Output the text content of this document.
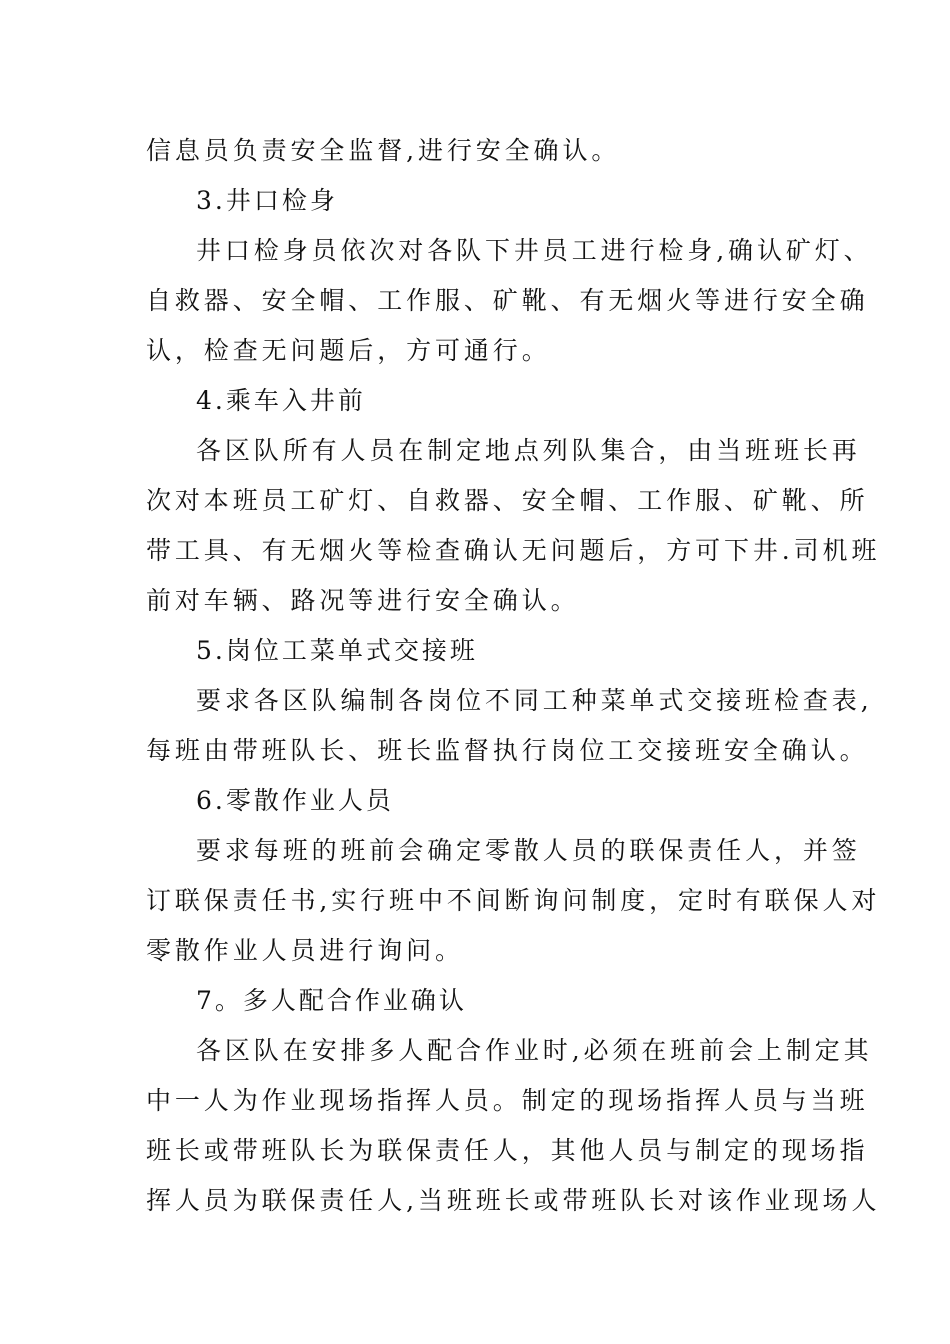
信息员负责安全监督,进行安全确认。
3.井口检身
井口检身员依次对各队下井员工进行检身,确认矿灯、
自救器、安全帽、工作服、矿靴、有无烟火等进行安全确
认，检查无问题后，方可通行。
4.乘车入井前
各区队所有人员在制定地点列队集合，由当班班长再
次对本班员工矿灯、自救器、安全帽、工作服、矿靴、所
带工具、有无烟火等检查确认无问题后，方可下井.司机班
前对车辆、路况等进行安全确认。
5.岗位工菜单式交接班
要求各区队编制各岗位不同工种菜单式交接班检查表,
每班由带班队长、班长监督执行岗位工交接班安全确认。
6.零散作业人员
要求每班的班前会确定零散人员的联保责任人，并签
订联保责任书,实行班中不间断询问制度，定时有联保人对
零散作业人员进行询问。
7。多人配合作业确认
各区队在安排多人配合作业时,必须在班前会上制定其
中一人为作业现场指挥人员。制定的现场指挥人员与当班
班长或带班队长为联保责任人，其他人员与制定的现场指
挥人员为联保责任人,当班班长或带班队长对该作业现场人
